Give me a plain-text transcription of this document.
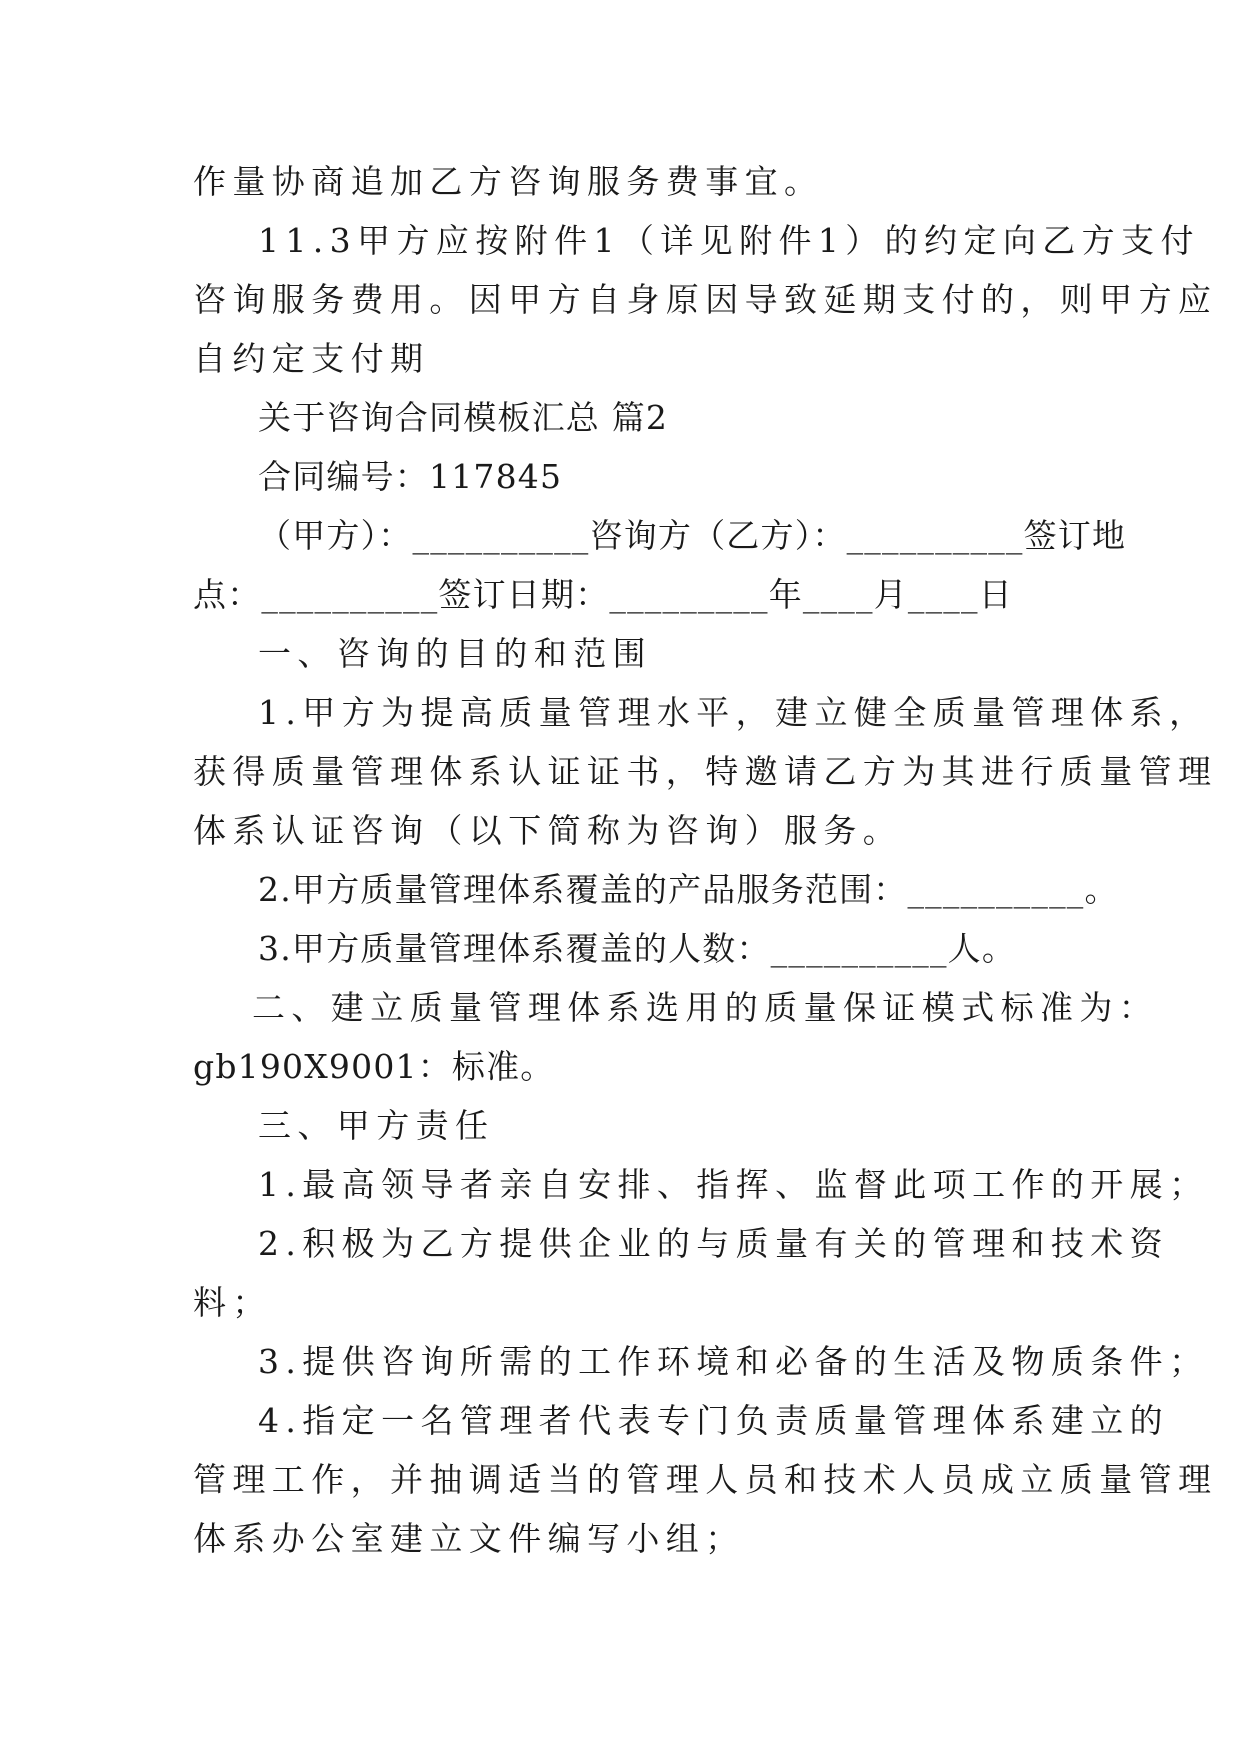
作量协商追加乙方咨询服务费事宜。
11.3甲方应按附件1（详见附件1）的约定向乙方支付
咨询服务费用。因甲方自身原因导致延期支付的，则甲方应
自约定支付期
关于咨询合同模板汇总 篇2
合同编号：117845
（甲方）：__________咨询方（乙方）：__________签订地
点：__________签订日期：_________年____月____日
一、咨询的目的和范围
1.甲方为提高质量管理水平，建立健全质量管理体系，
获得质量管理体系认证证书，特邀请乙方为其进行质量管理
体系认证咨询（以下简称为咨询）服务。
2.甲方质量管理体系覆盖的产品服务范围：__________。
3.甲方质量管理体系覆盖的人数：__________人。
二、建立质量管理体系选用的质量保证模式标准为：
gb190X9001：标准。
三、甲方责任
1.最高领导者亲自安排、指挥、监督此项工作的开展；
2.积极为乙方提供企业的与质量有关的管理和技术资
料；
3.提供咨询所需的工作环境和必备的生活及物质条件；
4.指定一名管理者代表专门负责质量管理体系建立的
管理工作，并抽调适当的管理人员和技术人员成立质量管理
体系办公室建立文件编写小组；
